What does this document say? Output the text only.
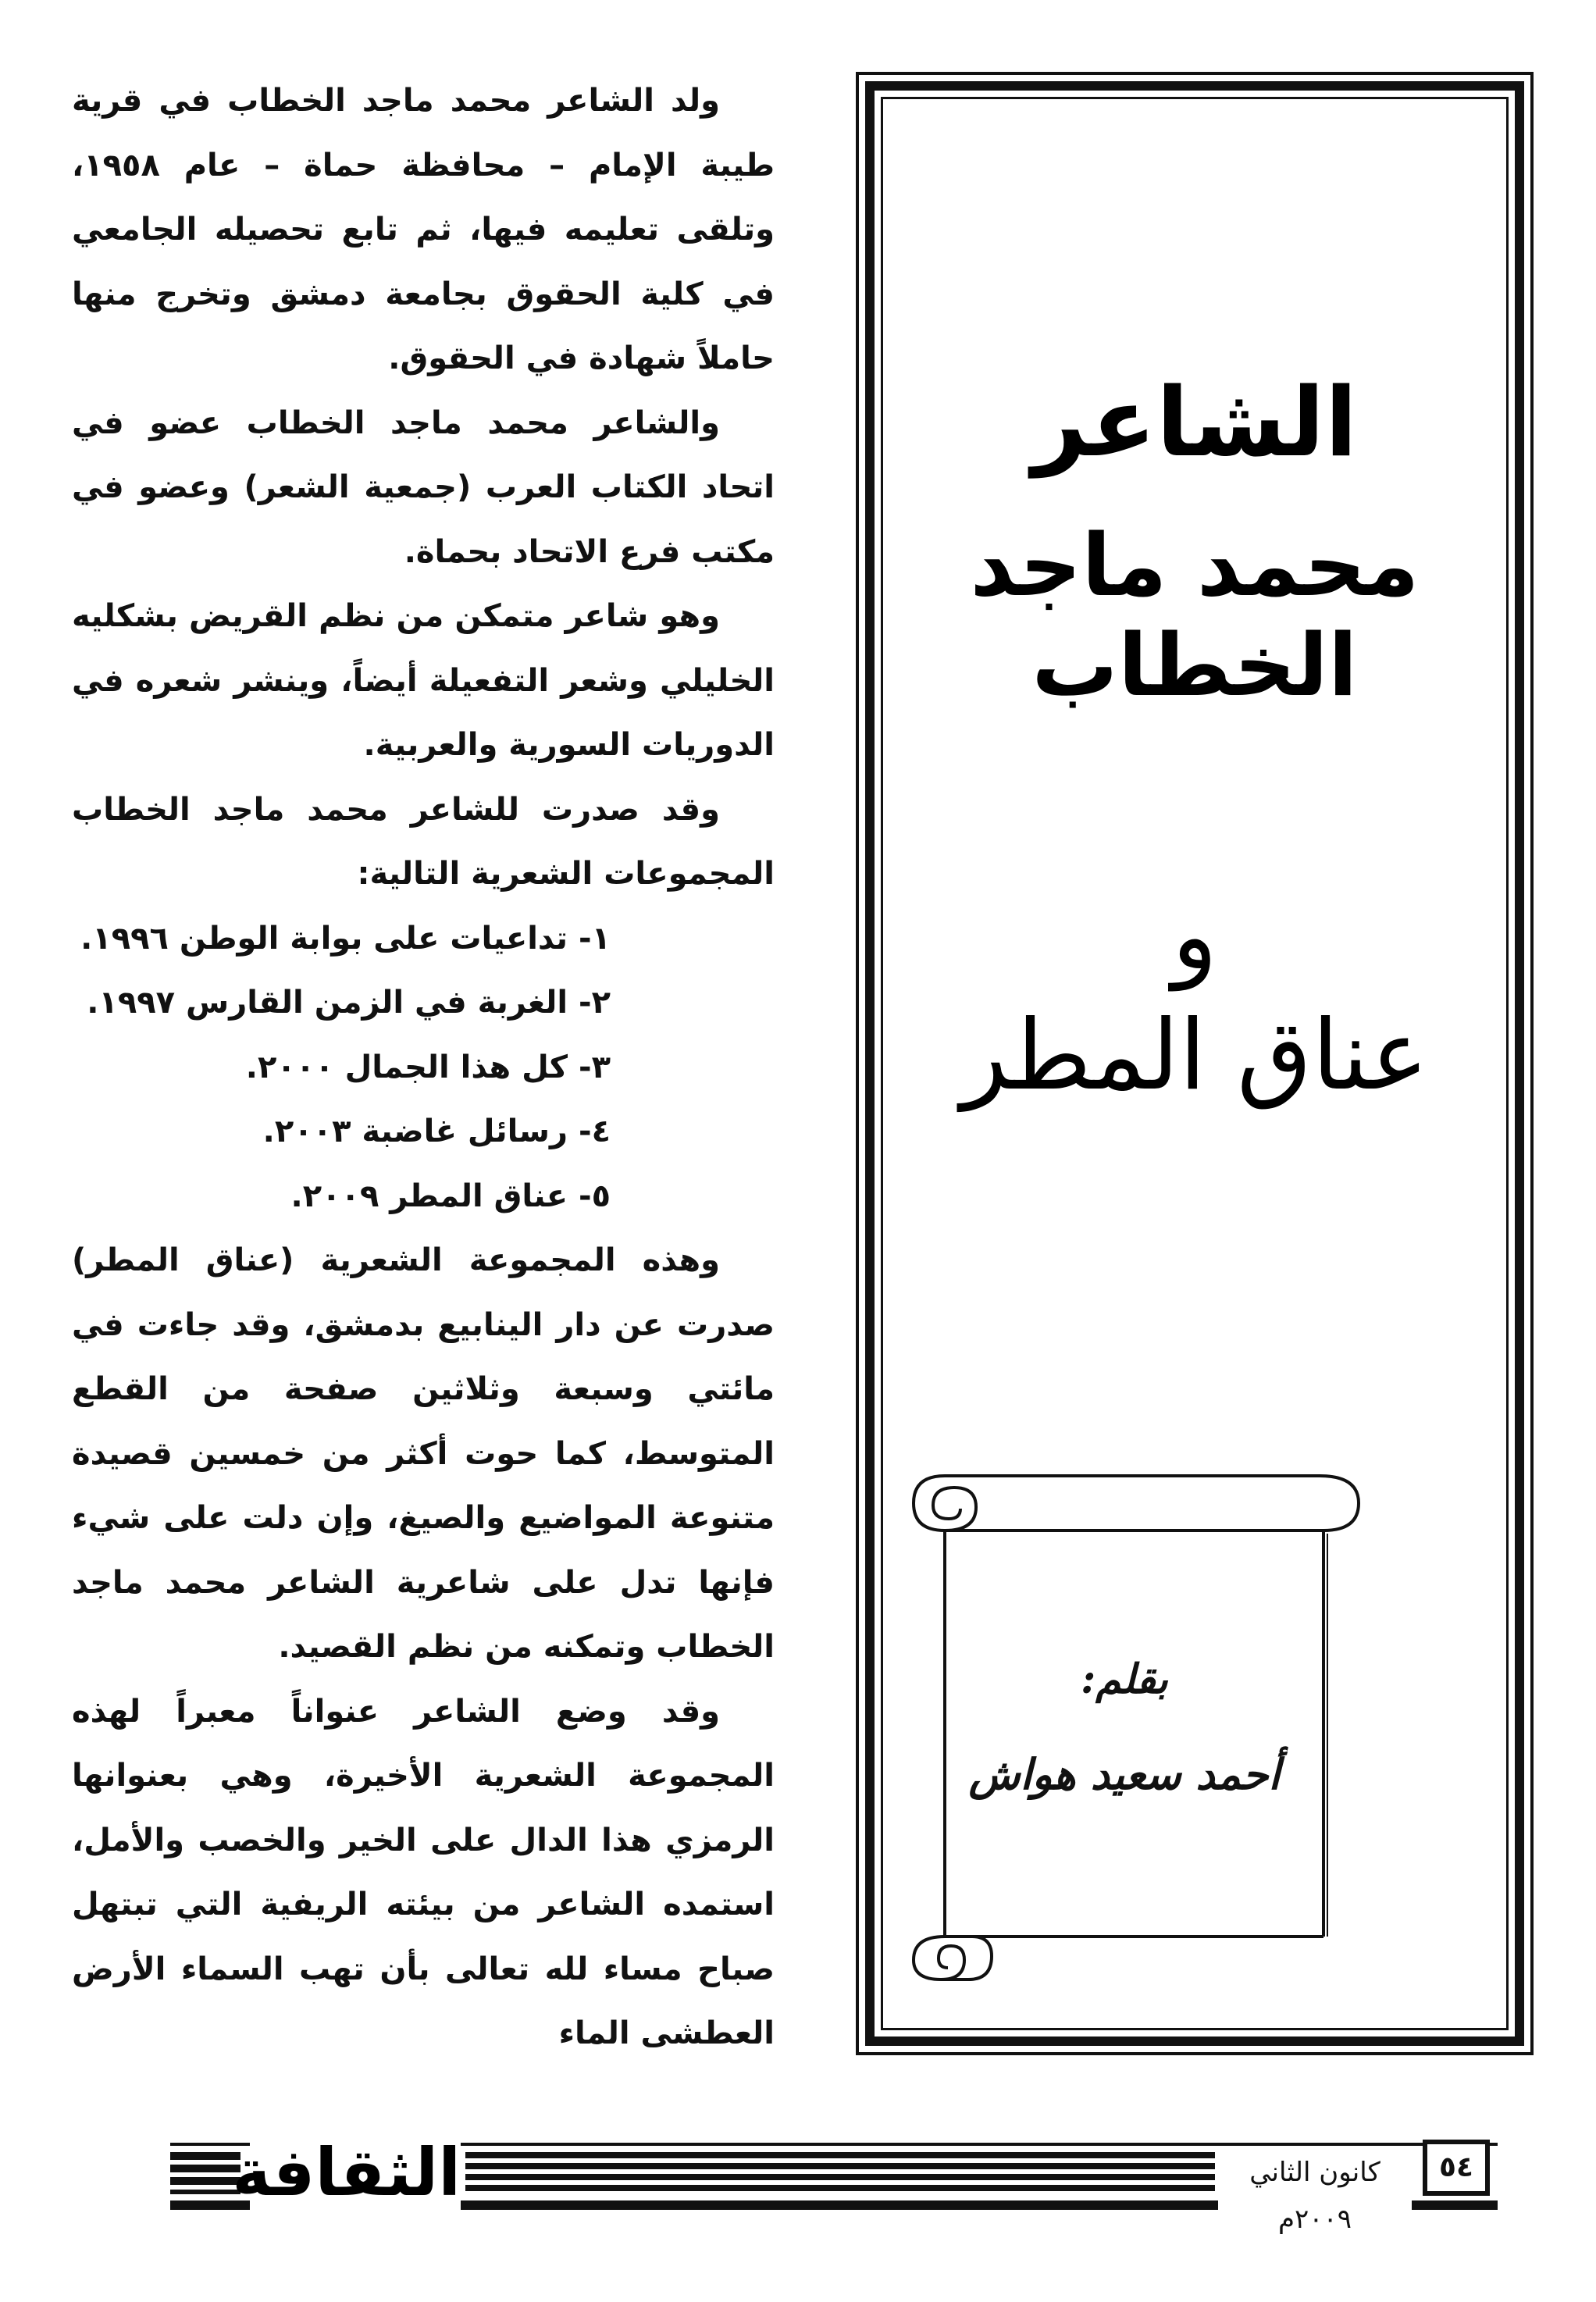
ولد الشاعر محمد ماجد الخطاب في قرية طيبة الإمام – محافظة حماة – عام ١٩٥٨، وتلقى تعليمه فيها، ثم تابع تحصيله الجامعي في كلية الحقوق بجامعة دمشق وتخرج منها حاملاً شهادة في الحقوق.

والشاعر محمد ماجد الخطاب عضو في اتحاد الكتاب العرب (جمعية الشعر) وعضو في مكتب فرع الاتحاد بحماة.

وهو شاعر متمكن من نظم القريض بشكليه الخليلي وشعر التفعيلة أيضاً، وينشر شعره في الدوريات السورية والعربية.

وقد صدرت للشاعر محمد ماجد الخطاب المجموعات الشعرية التالية:

١- تداعيات على بوابة الوطن ١٩٩٦.
٢- الغربة في الزمن القارس ١٩٩٧.
٣- كل هذا الجمال ٢٠٠٠.
٤- رسائل غاضبة ٢٠٠٣.
٥- عناق المطر ٢٠٠٩.

وهذه المجموعة الشعرية (عناق المطر) صدرت عن دار الينابيع بدمشق، وقد جاءت في مائتي وسبعة وثلاثين صفحة من القطع المتوسط، كما حوت أكثر من خمسين قصيدة متنوعة المواضيع والصيغ، وإن دلت على شيء فإنها تدل على شاعرية الشاعر محمد ماجد الخطاب وتمكنه من نظم القصيد.

وقد وضع الشاعر عنواناً معبراً لهذه المجموعة الشعرية الأخيرة، وهي بعنوانها الرمزي هذا الدال على الخير والخصب والأمل، استمده الشاعر من بيئته الريفية التي تبتهل صباح مساء لله تعالى بأن تهب السماء الأرض العطشى الماء

الشاعر
محمد ماجد الخطاب
و
عناق المطر
بقلم:
أحمد سعيد هواش
الثقافة	كانون الثاني ٢٠٠٩م
٥٤
